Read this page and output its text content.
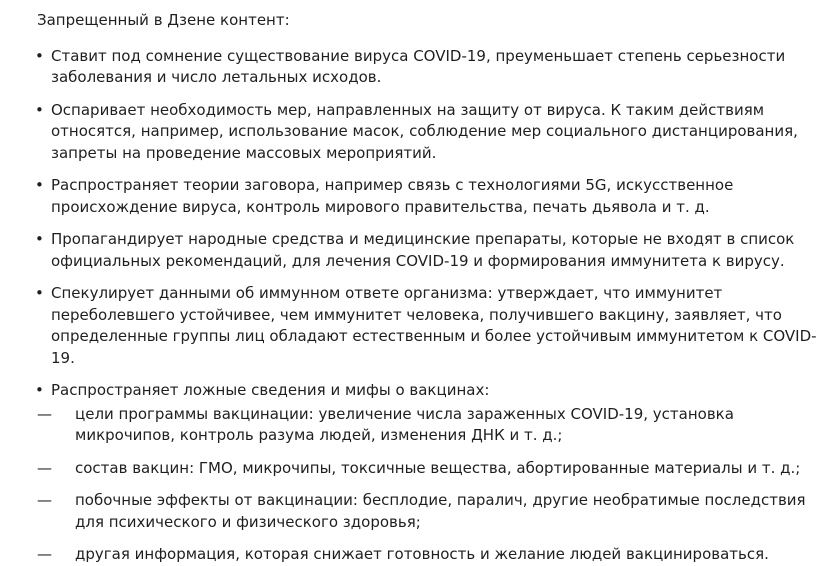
Запрещенный в Дзене контент:

• Ставит под сомнение существование вируса COVID-19, преуменьшает степень серьезности заболевания и число летальных исходов.
• Оспаривает необходимость мер, направленных на защиту от вируса. К таким действиям относятся, например, использование масок, соблюдение мер социального дистанцирования, запреты на проведение массовых мероприятий.
• Распространяет теории заговора, например связь с технологиями 5G, искусственное происхождение вируса, контроль мирового правительства, печать дьявола и т. д.
• Пропагандирует народные средства и медицинские препараты, которые не входят в список официальных рекомендаций, для лечения COVID-19 и формирования иммунитета к вирусу.
• Спекулирует данными об иммунном ответе организма: утверждает, что иммунитет переболевшего устойчивее, чем иммунитет человека, получившего вакцину, заявляет, что определенные группы лиц обладают естественным и более устойчивым иммунитетом к COVID-19.
• Распространяет ложные сведения и мифы о вакцинах:
— цели программы вакцинации: увеличение числа зараженных COVID-19, установка микрочипов, контроль разума людей, изменения ДНК и т. д.;
— состав вакцин: ГМО, микрочипы, токсичные вещества, абортированные материалы и т. д.;
— побочные эффекты от вакцинации: бесплодие, паралич, другие необратимые последствия для психического и физического здоровья;
— другая информация, которая снижает готовность и желание людей вакцинироваться.
